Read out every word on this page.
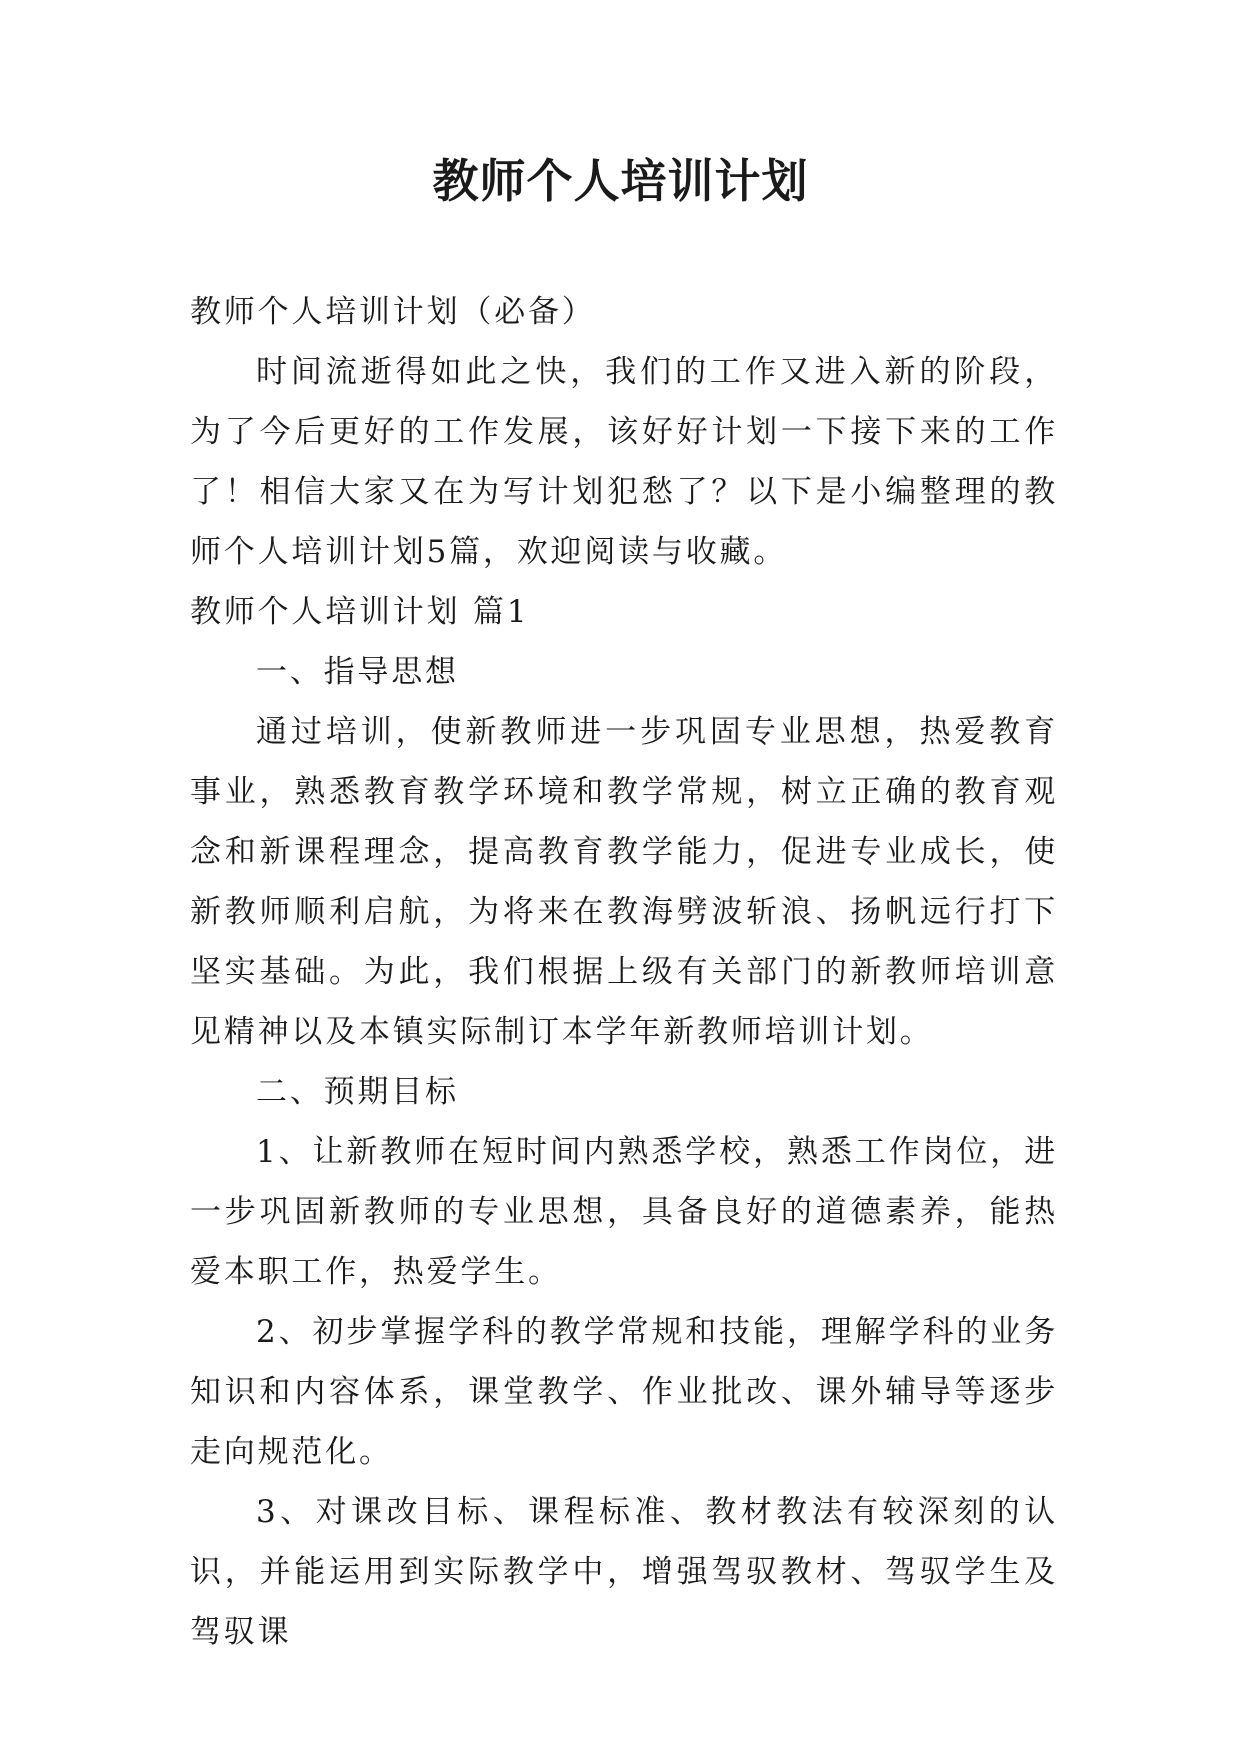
教师个人培训计划

教师个人培训计划（必备）

时间流逝得如此之快，我们的工作又进入新的阶段，为了今后更好的工作发展，该好好计划一下接下来的工作了！相信大家又在为写计划犯愁了？以下是小编整理的教师个人培训计划5篇，欢迎阅读与收藏。

教师个人培训计划 篇1

一、指导思想

通过培训，使新教师进一步巩固专业思想，热爱教育事业，熟悉教育教学环境和教学常规，树立正确的教育观念和新课程理念，提高教育教学能力，促进专业成长，使新教师顺利启航，为将来在教海劈波斩浪、扬帆远行打下坚实基础。为此，我们根据上级有关部门的新教师培训意见精神以及本镇实际制订本学年新教师培训计划。

二、预期目标

1、让新教师在短时间内熟悉学校，熟悉工作岗位，进一步巩固新教师的专业思想，具备良好的道德素养，能热爱本职工作，热爱学生。

2、初步掌握学科的教学常规和技能，理解学科的业务知识和内容体系，课堂教学、作业批改、课外辅导等逐步走向规范化。

3、对课改目标、课程标准、教材教法有较深刻的认识，并能运用到实际教学中，增强驾驭教材、驾驭学生及驾驭课
